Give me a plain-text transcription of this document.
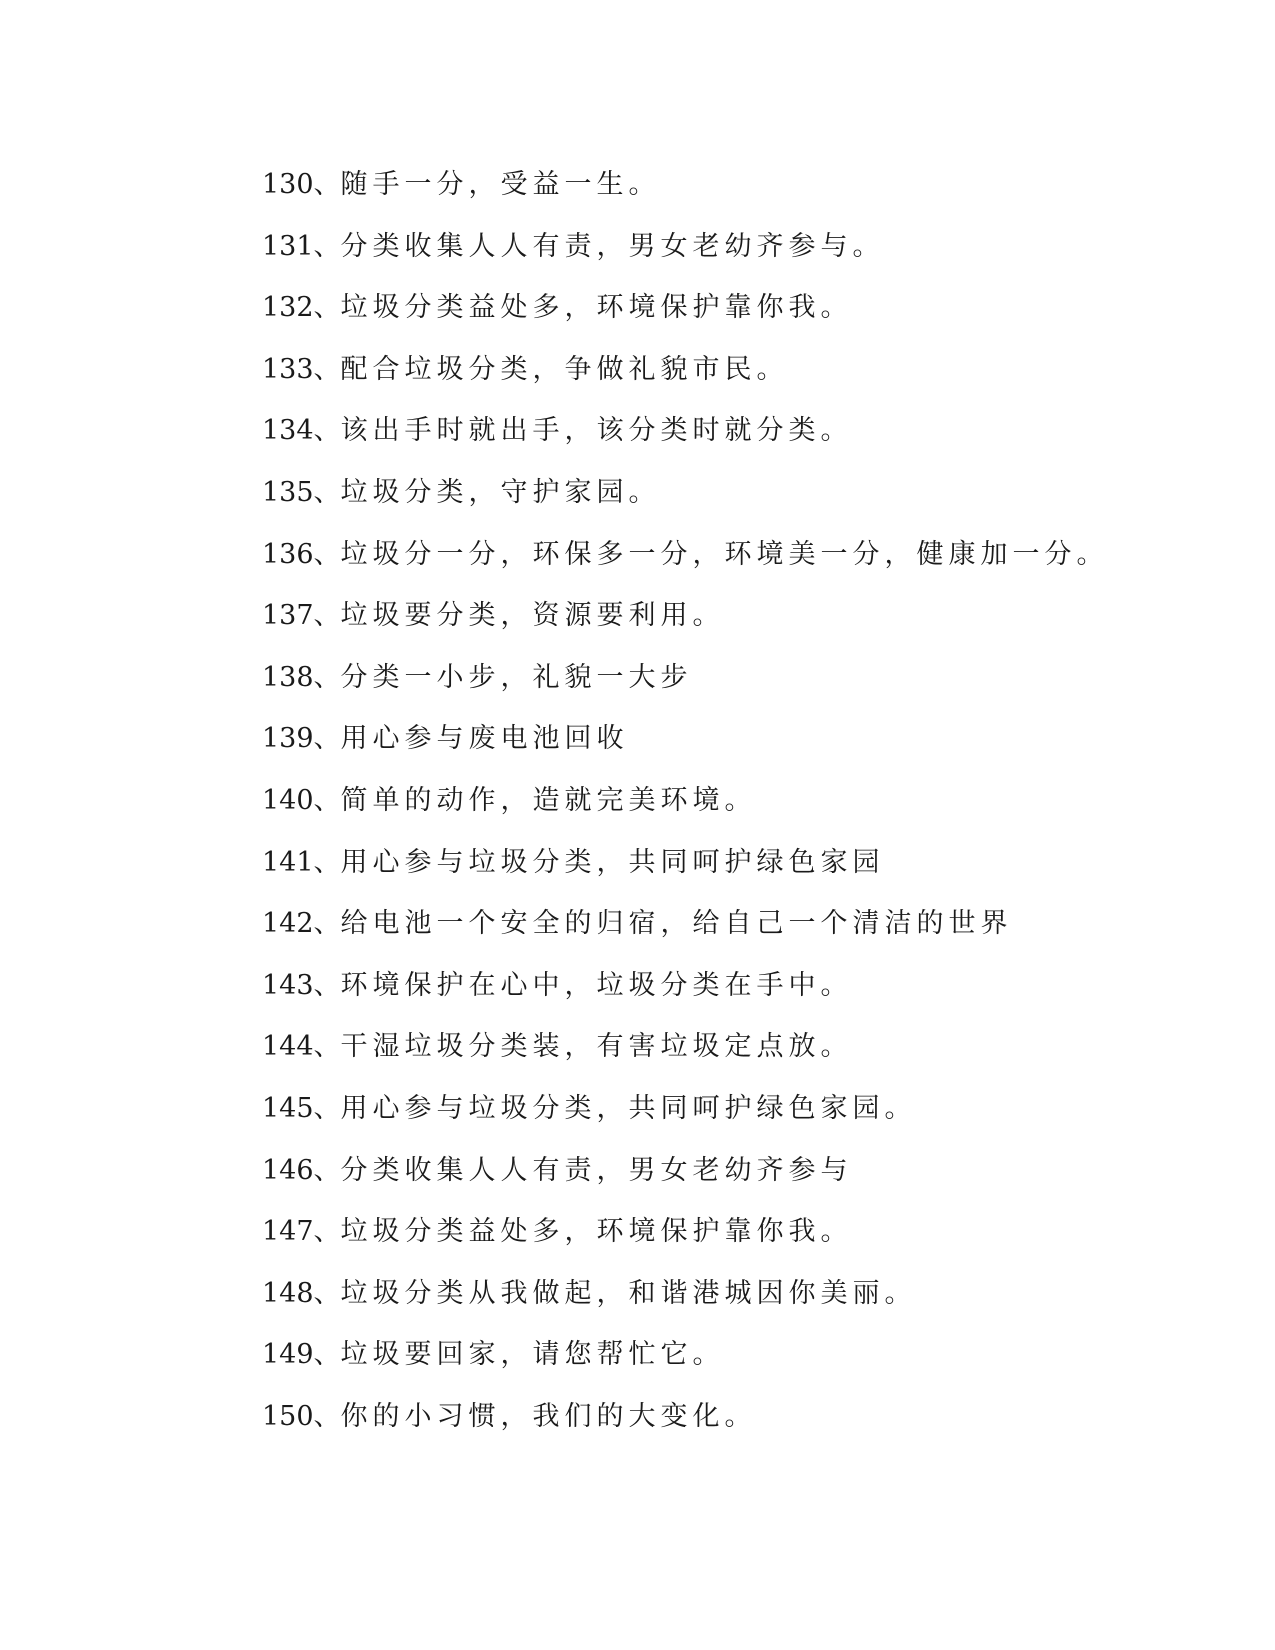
130、随手一分，受益一生。
131、分类收集人人有责，男女老幼齐参与。
132、垃圾分类益处多，环境保护靠你我。
133、配合垃圾分类，争做礼貌市民。
134、该出手时就出手，该分类时就分类。
135、垃圾分类，守护家园。
136、垃圾分一分，环保多一分，环境美一分，健康加一分。
137、垃圾要分类，资源要利用。
138、分类一小步，礼貌一大步
139、用心参与废电池回收
140、简单的动作，造就完美环境。
141、用心参与垃圾分类，共同呵护绿色家园
142、给电池一个安全的归宿，给自己一个清洁的世界
143、环境保护在心中，垃圾分类在手中。
144、干湿垃圾分类装，有害垃圾定点放。
145、用心参与垃圾分类，共同呵护绿色家园。
146、分类收集人人有责，男女老幼齐参与
147、垃圾分类益处多，环境保护靠你我。
148、垃圾分类从我做起，和谐港城因你美丽。
149、垃圾要回家，请您帮忙它。
150、你的小习惯，我们的大变化。
